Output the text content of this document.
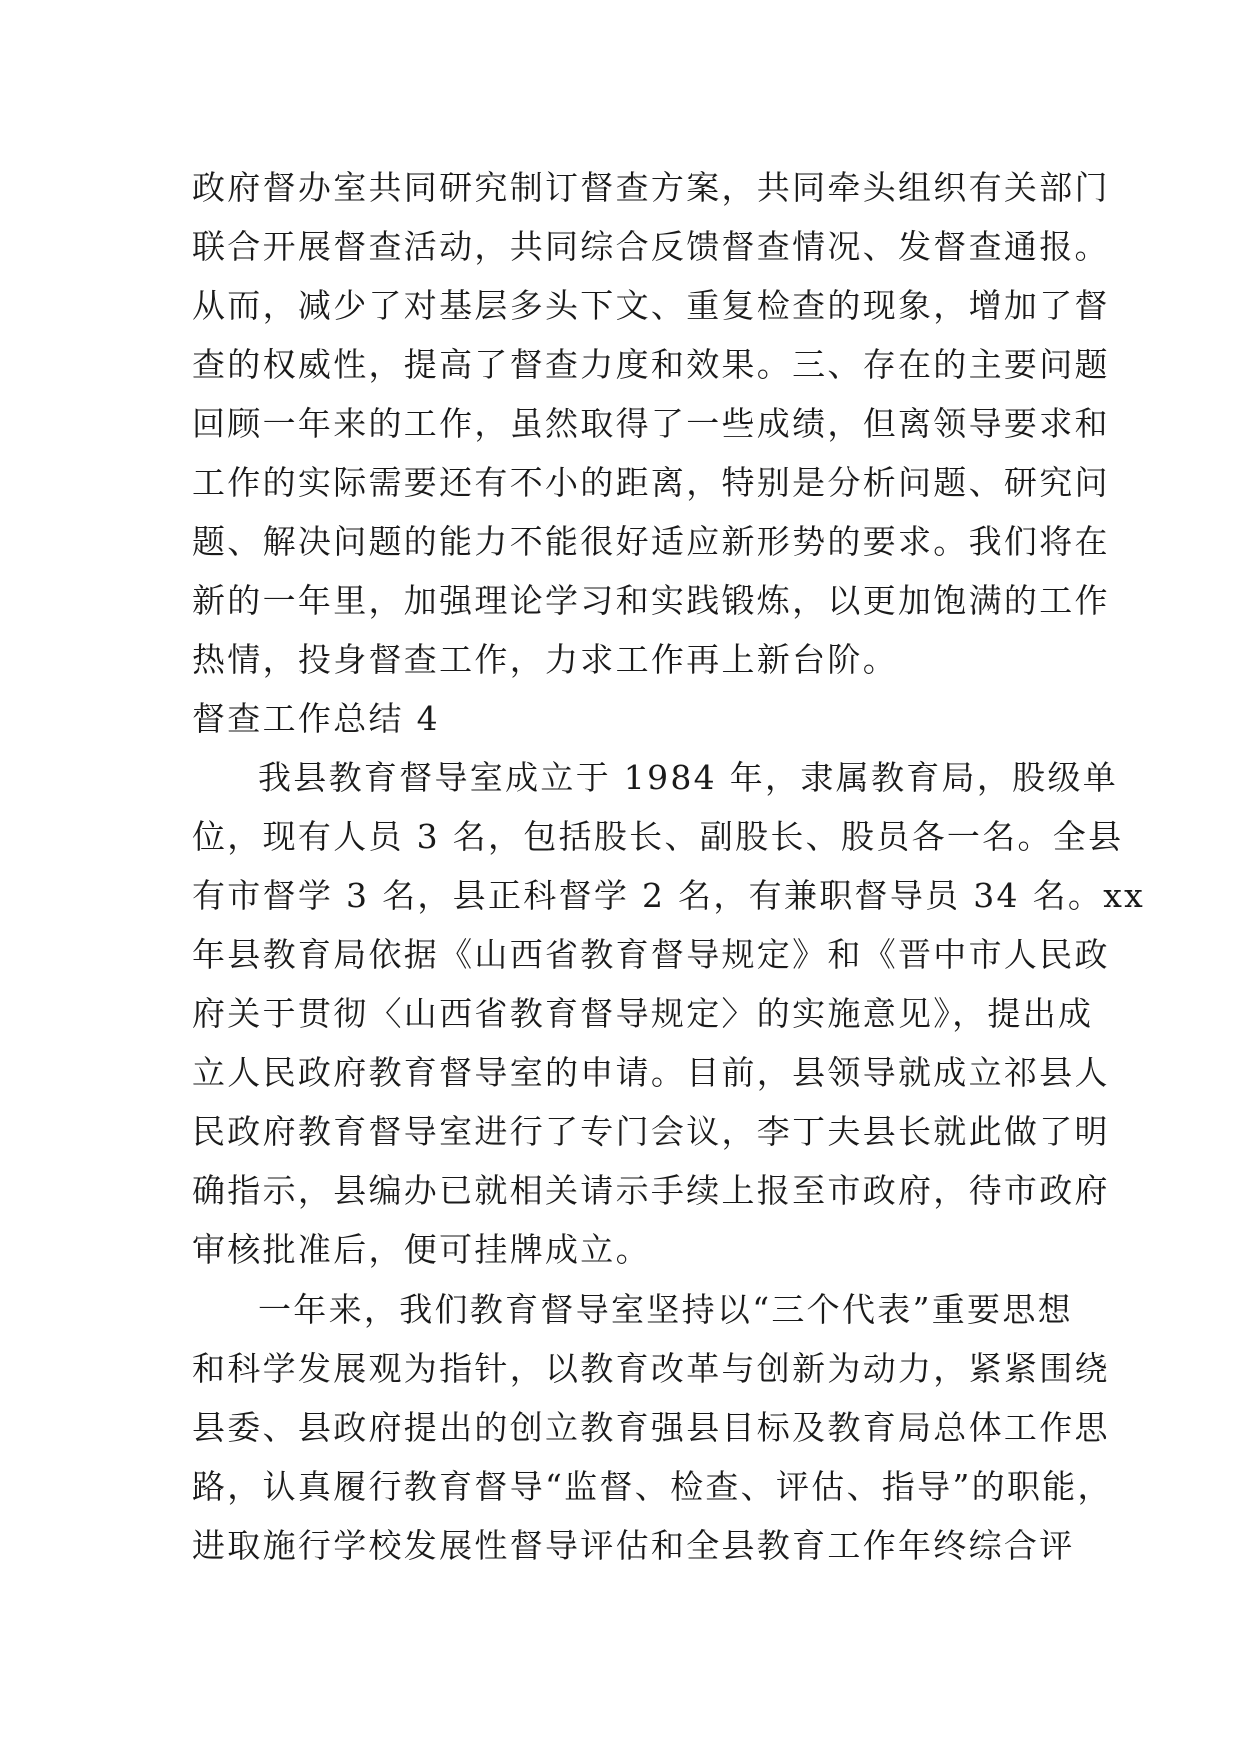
政府督办室共同研究制订督查方案，共同牵头组织有关部门
联合开展督查活动，共同综合反馈督查情况、发督查通报。
从而，减少了对基层多头下文、重复检查的现象，增加了督
查的权威性，提高了督查力度和效果。三、存在的主要问题
回顾一年来的工作，虽然取得了一些成绩，但离领导要求和
工作的实际需要还有不小的距离，特别是分析问题、研究问
题、解决问题的能力不能很好适应新形势的要求。我们将在
新的一年里，加强理论学习和实践锻炼，以更加饱满的工作
热情，投身督查工作，力求工作再上新台阶。
督查工作总结 4
我县教育督导室成立于 1984 年，隶属教育局，股级单
位，现有人员 3 名，包括股长、副股长、股员各一名。全县
有市督学 3 名，县正科督学 2 名，有兼职督导员 34 名。xx
年县教育局依据《山西省教育督导规定》和《晋中市人民政
府关于贯彻〈山西省教育督导规定〉的实施意见》，提出成
立人民政府教育督导室的申请。目前，县领导就成立祁县人
民政府教育督导室进行了专门会议，李丁夫县长就此做了明
确指示，县编办已就相关请示手续上报至市政府，待市政府
审核批准后，便可挂牌成立。
一年来，我们教育督导室坚持以“三个代表”重要思想
和科学发展观为指针，以教育改革与创新为动力，紧紧围绕
县委、县政府提出的创立教育强县目标及教育局总体工作思
路，认真履行教育督导“监督、检查、评估、指导”的职能，
进取施行学校发展性督导评估和全县教育工作年终综合评
